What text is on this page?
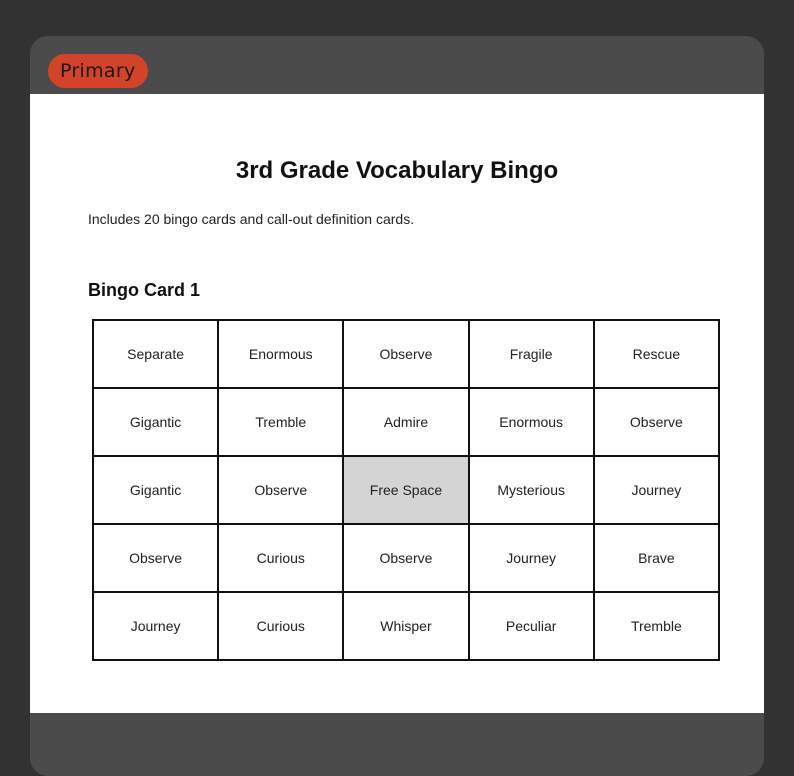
Primary
3rd Grade Vocabulary Bingo
Includes 20 bingo cards and call-out definition cards.
Bingo Card 1
Separate	Enormous	Observe	Fragile	Rescue
Gigantic	Tremble	Admire	Enormous	Observe
Gigantic	Observe	Free Space	Mysterious	Journey
Observe	Curious	Observe	Journey	Brave
Journey	Curious	Whisper	Peculiar	Tremble
